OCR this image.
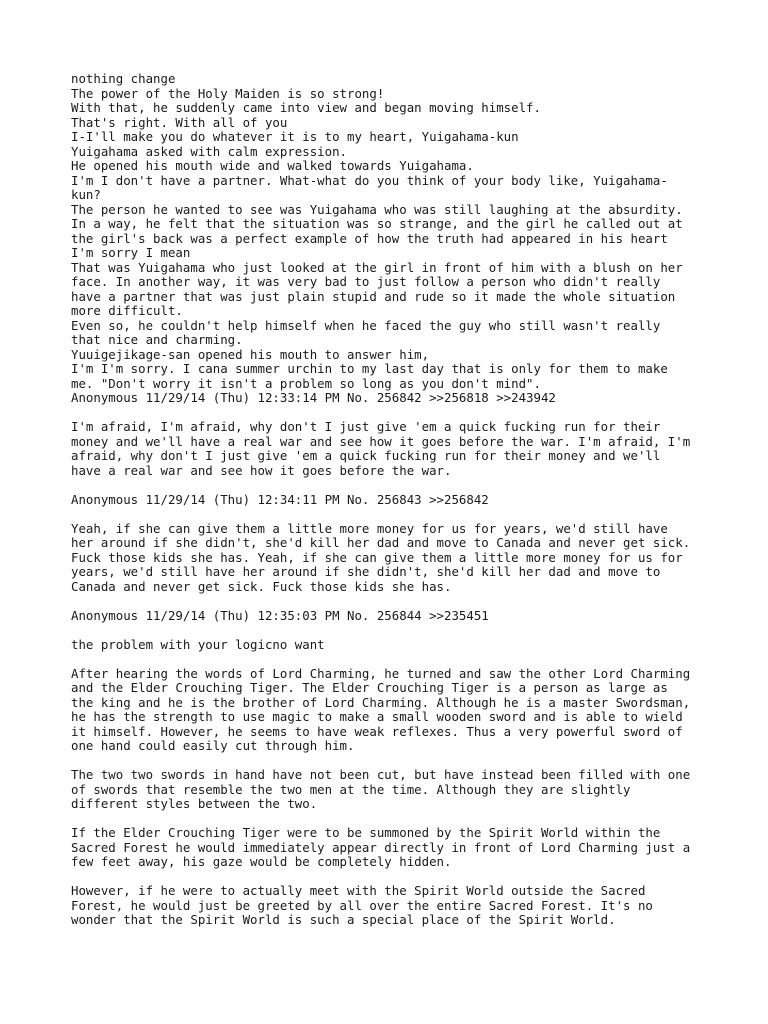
nothing change
The power of the Holy Maiden is so strong!
With that, he suddenly came into view and began moving himself.
That's right. With all of you
I-I'll make you do whatever it is to my heart, Yuigahama-kun
Yuigahama asked with calm expression.
He opened his mouth wide and walked towards Yuigahama.
I'm I don't have a partner. What-what do you think of your body like, Yuigahama-
kun?
The person he wanted to see was Yuigahama who was still laughing at the absurdity.
In a way, he felt that the situation was so strange, and the girl he called out at
the girl's back was a perfect example of how the truth had appeared in his heart
I'm sorry I mean
That was Yuigahama who just looked at the girl in front of him with a blush on her
face. In another way, it was very bad to just follow a person who didn't really
have a partner that was just plain stupid and rude so it made the whole situation
more difficult.
Even so, he couldn't help himself when he faced the guy who still wasn't really
that nice and charming.
Yuuigejikage-san opened his mouth to answer him,
I'm I'm sorry. I cana summer urchin to my last day that is only for them to make
me. "Don't worry it isn't a problem so long as you don't mind".
Anonymous 11/29/14 (Thu) 12:33:14 PM No. 256842 >>256818 >>243942
I'm afraid, I'm afraid, why don't I just give 'em a quick fucking run for their
money and we'll have a real war and see how it goes before the war. I'm afraid, I'm
afraid, why don't I just give 'em a quick fucking run for their money and we'll
have a real war and see how it goes before the war.
Anonymous 11/29/14 (Thu) 12:34:11 PM No. 256843 >>256842
Yeah, if she can give them a little more money for us for years, we'd still have
her around if she didn't, she'd kill her dad and move to Canada and never get sick.
Fuck those kids she has. Yeah, if she can give them a little more money for us for
years, we'd still have her around if she didn't, she'd kill her dad and move to
Canada and never get sick. Fuck those kids she has.
Anonymous 11/29/14 (Thu) 12:35:03 PM No. 256844 >>235451
the problem with your logicno want
After hearing the words of Lord Charming, he turned and saw the other Lord Charming
and the Elder Crouching Tiger. The Elder Crouching Tiger is a person as large as
the king and he is the brother of Lord Charming. Although he is a master Swordsman,
he has the strength to use magic to make a small wooden sword and is able to wield
it himself. However, he seems to have weak reflexes. Thus a very powerful sword of
one hand could easily cut through him.
The two two swords in hand have not been cut, but have instead been filled with one
of swords that resemble the two men at the time. Although they are slightly
different styles between the two.
If the Elder Crouching Tiger were to be summoned by the Spirit World within the
Sacred Forest he would immediately appear directly in front of Lord Charming just a
few feet away, his gaze would be completely hidden.
However, if he were to actually meet with the Spirit World outside the Sacred
Forest, he would just be greeted by all over the entire Sacred Forest. It's no
wonder that the Spirit World is such a special place of the Spirit World.
